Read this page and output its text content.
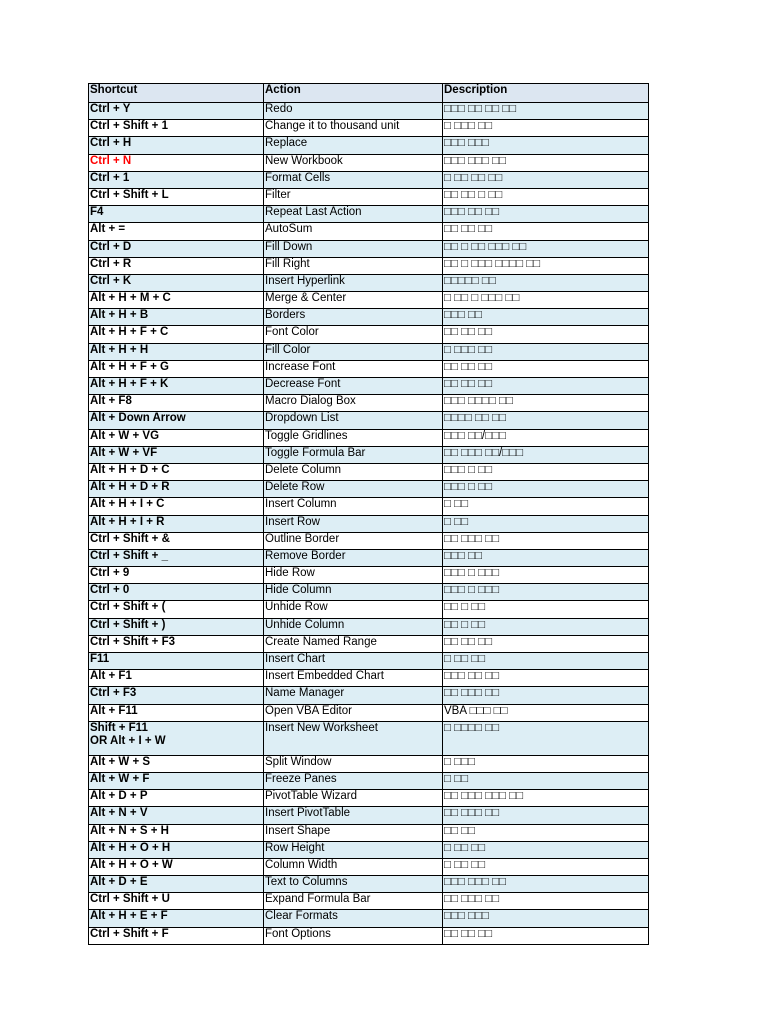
Shortcut	Action	Description
Ctrl + Y	Redo	□□□ □□ □□ □□
Ctrl + Shift + 1	Change it to thousand unit	□ □□□ □□
Ctrl + H	Replace	□□□ □□□
Ctrl + N	New Workbook	□□□ □□□ □□
Ctrl + 1	Format Cells	□ □□ □□ □□
Ctrl + Shift + L	Filter	□□ □□ □ □□
F4	Repeat Last Action	□□□ □□ □□
Alt + =	AutoSum	□□ □□ □□
Ctrl + D	Fill Down	□□ □ □□ □□□ □□
Ctrl + R	Fill Right	□□ □ □□□ □□□□ □□
Ctrl + K	Insert Hyperlink	□□□□□ □□
Alt + H + M + C	Merge & Center	□ □□ □ □□□ □□
Alt + H + B	Borders	□□□ □□
Alt + H + F + C	Font Color	□□ □□ □□
Alt + H + H	Fill Color	□ □□□ □□
Alt + H + F + G	Increase Font	□□ □□ □□
Alt + H + F + K	Decrease Font	□□ □□ □□
Alt + F8	Macro Dialog Box	□□□ □□□□ □□
Alt + Down Arrow	Dropdown List	□□□□ □□ □□
Alt + W + VG	Toggle Gridlines	□□□ □□/□□□
Alt + W + VF	Toggle Formula Bar	□□ □□□ □□/□□□
Alt + H + D + C	Delete Column	□□□ □ □□
Alt + H + D + R	Delete Row	□□□ □ □□
Alt + H + I + C	Insert Column	□ □□
Alt + H + I + R	Insert Row	□ □□
Ctrl + Shift + &	Outline Border	□□ □□□ □□
Ctrl + Shift + _	Remove Border	□□□ □□
Ctrl + 9	Hide Row	□□□ □ □□□
Ctrl + 0	Hide Column	□□□ □ □□□
Ctrl + Shift + (	Unhide Row	□□ □ □□
Ctrl + Shift + )	Unhide Column	□□ □ □□
Ctrl + Shift + F3	Create Named Range	□□ □□ □□
F11	Insert Chart	□ □□ □□
Alt + F1	Insert Embedded Chart	□□□ □□ □□
Ctrl + F3	Name Manager	□□ □□□ □□
Alt + F11	Open VBA Editor	VBA □□□ □□
Shift + F11
OR Alt + I + W	Insert New Worksheet	□ □□□□ □□
Alt + W + S	Split Window	□ □□□
Alt + W + F	Freeze Panes	□ □□
Alt + D + P	PivotTable Wizard	□□ □□□ □□□ □□
Alt + N + V	Insert PivotTable	□□ □□□ □□
Alt + N + S + H	Insert Shape	□□ □□
Alt + H + O + H	Row Height	□ □□ □□
Alt + H + O + W	Column Width	□ □□ □□
Alt + D + E	Text to Columns	□□□ □□□ □□
Ctrl + Shift + U	Expand Formula Bar	□□ □□□ □□
Alt + H + E + F	Clear Formats	□□□ □□□
Ctrl + Shift + F	Font Options	□□ □□ □□
